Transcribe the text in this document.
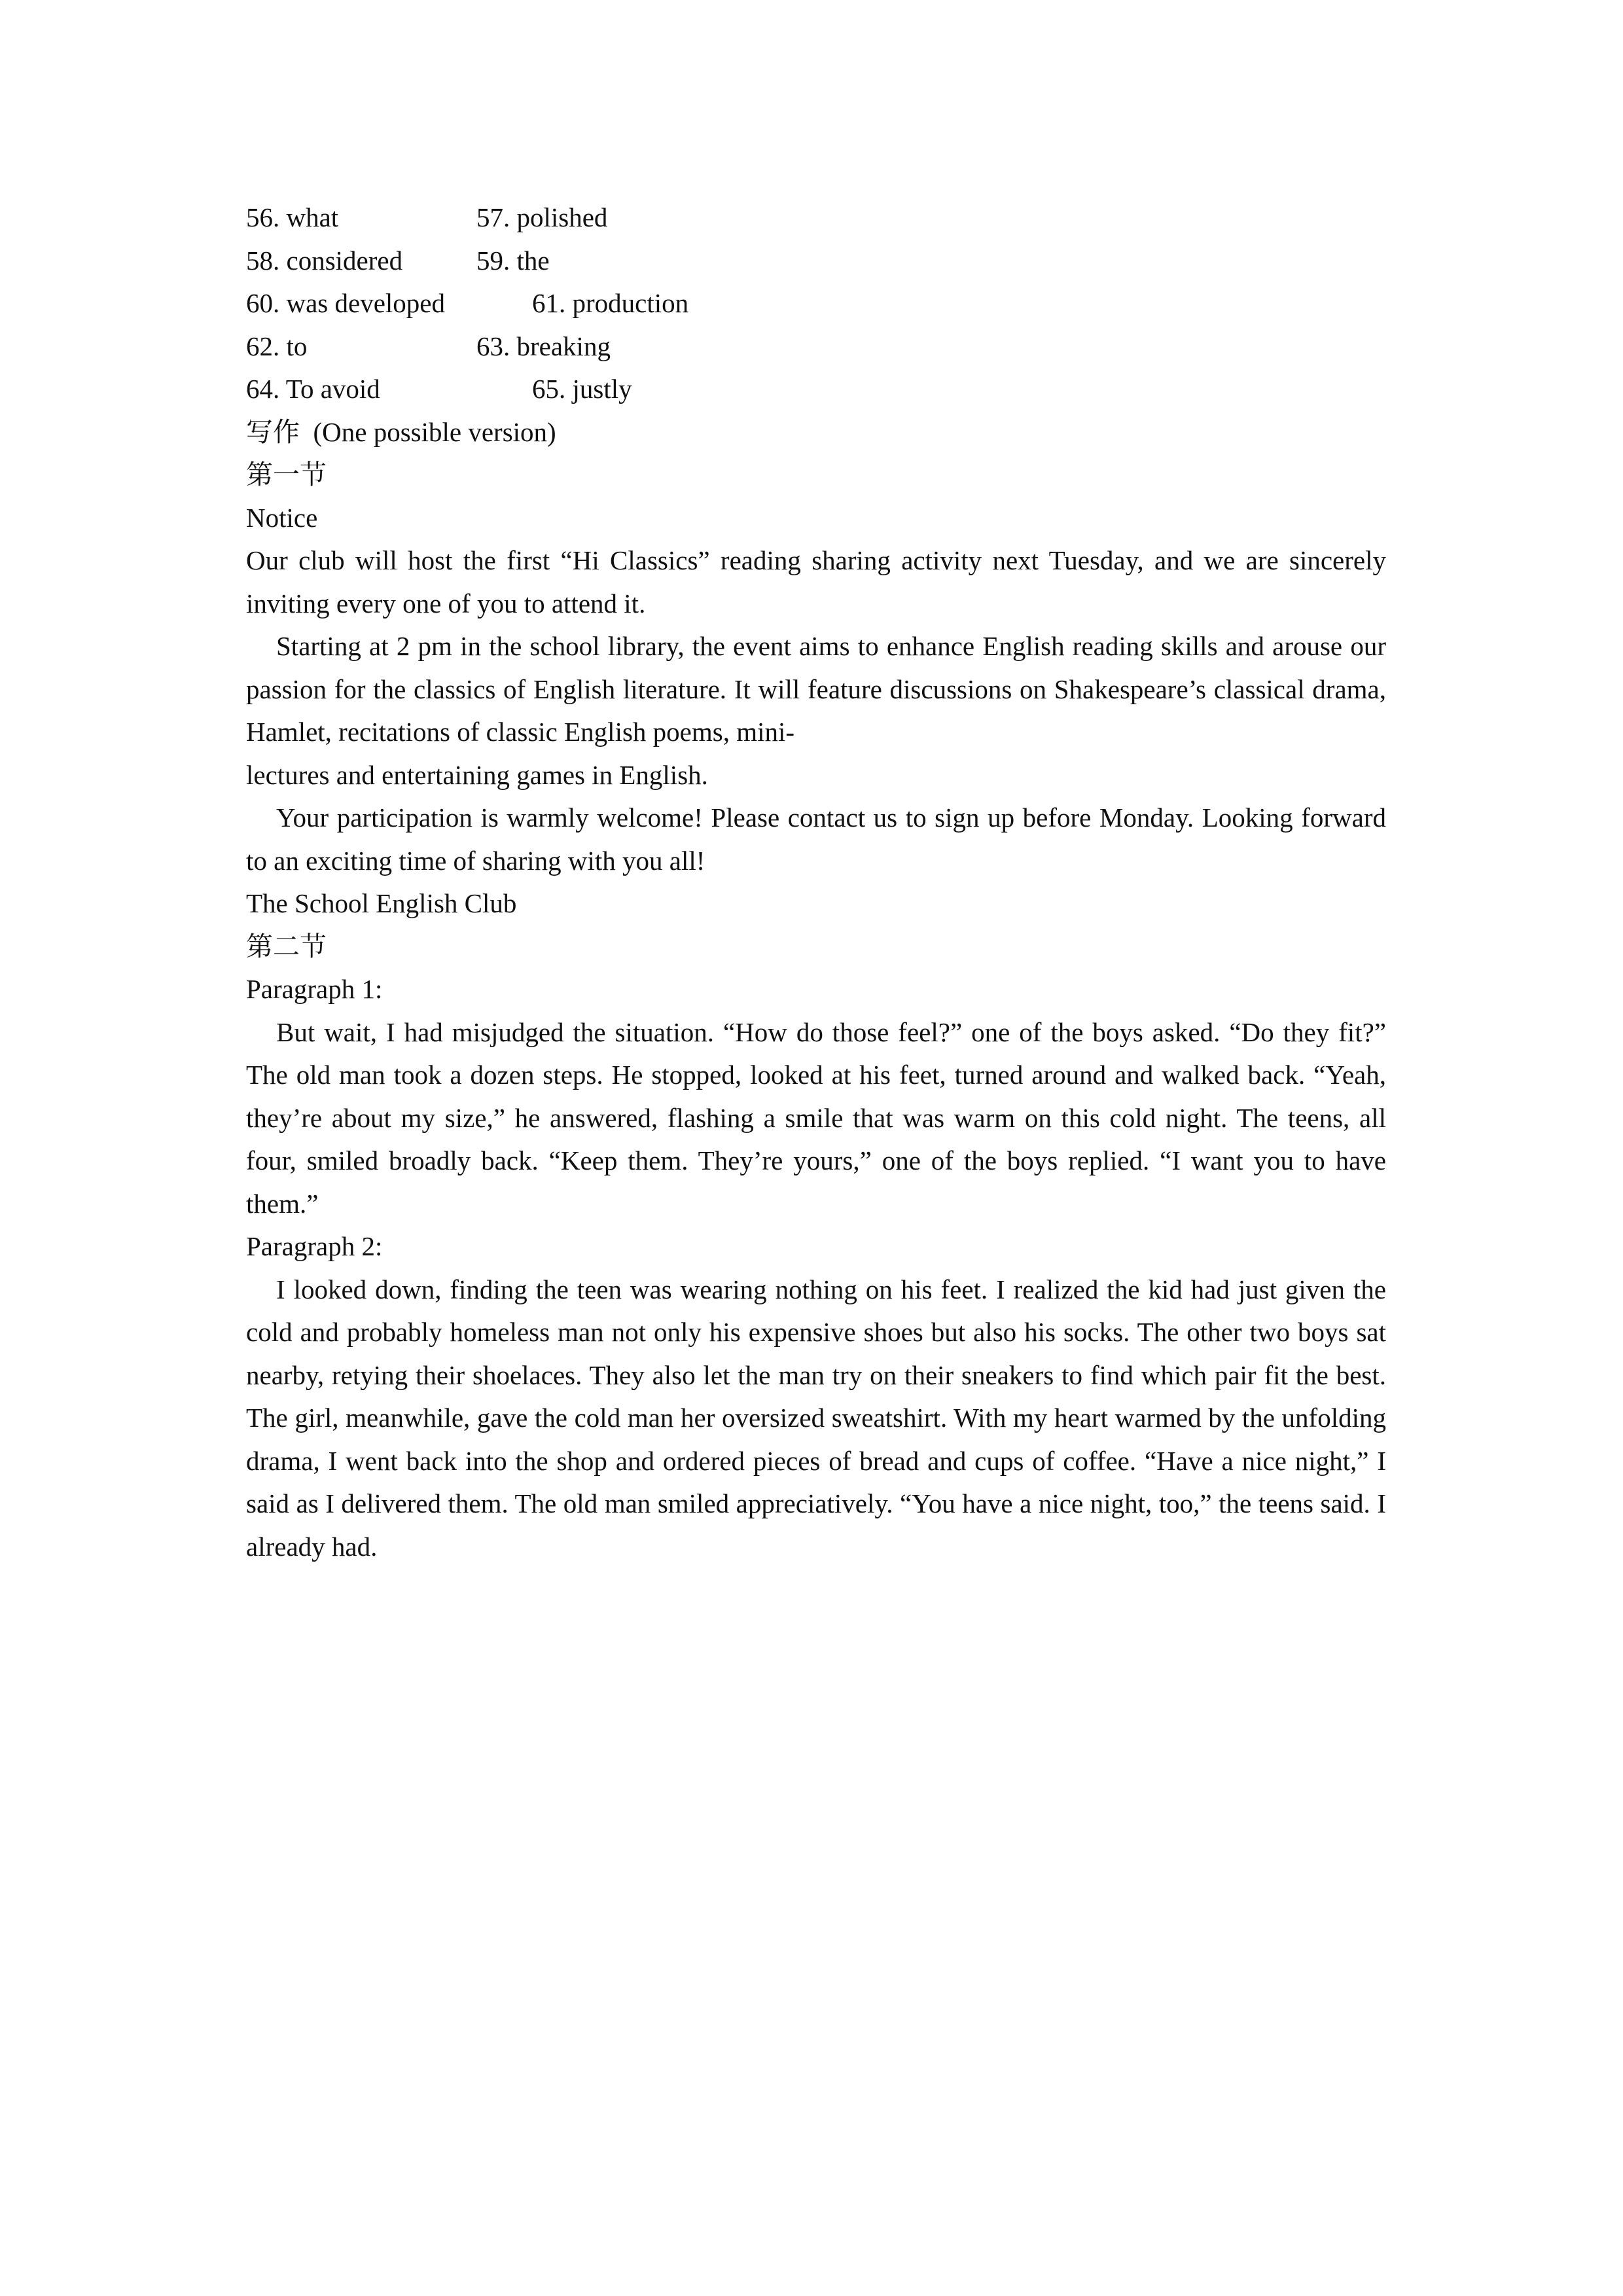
56. what	57. polished
58. considered	59. the
60. was developed	61. production
62. to	63. breaking
64. To avoid	65. justly
写作  (One possible version)
第一节
Notice

Our club will host the first “Hi Classics” reading sharing activity next Tuesday, and we are sincerely inviting every one of you to attend it.

Starting at 2 pm in the school library, the event aims to enhance English reading skills and arouse our passion for the classics of English literature. It will feature discussions on Shakespeare’s classical drama, Hamlet, recitations of classic English poems, mini-

lectures and entertaining games in English.

Your participation is warmly welcome! Please contact us to sign up before Monday. Looking forward to an exciting time of sharing with you all!

The School English Club
第二节
Paragraph 1:

But wait, I had misjudged the situation. “How do those feel?” one of the boys asked. “Do they fit?” The old man took a dozen steps. He stopped, looked at his feet, turned around and walked back. “Yeah, they’re about my size,” he answered, flashing a smile that was warm on this cold night. The teens, all four, smiled broadly back. “Keep them. They’re yours,” one of the boys replied. “I want you to have them.”

Paragraph 2:

I looked down, finding the teen was wearing nothing on his feet. I realized the kid had just given the cold and probably homeless man not only his expensive shoes but also his socks. The other two boys sat nearby, retying their shoelaces. They also let the man try on their sneakers to find which pair fit the best. The girl, meanwhile, gave the cold man her oversized sweatshirt. With my heart warmed by the unfolding drama, I went back into the shop and ordered pieces of bread and cups of coffee. “Have a nice night,” I said as I delivered them. The old man smiled appreciatively. “You have a nice night, too,” the teens said. I already had.
